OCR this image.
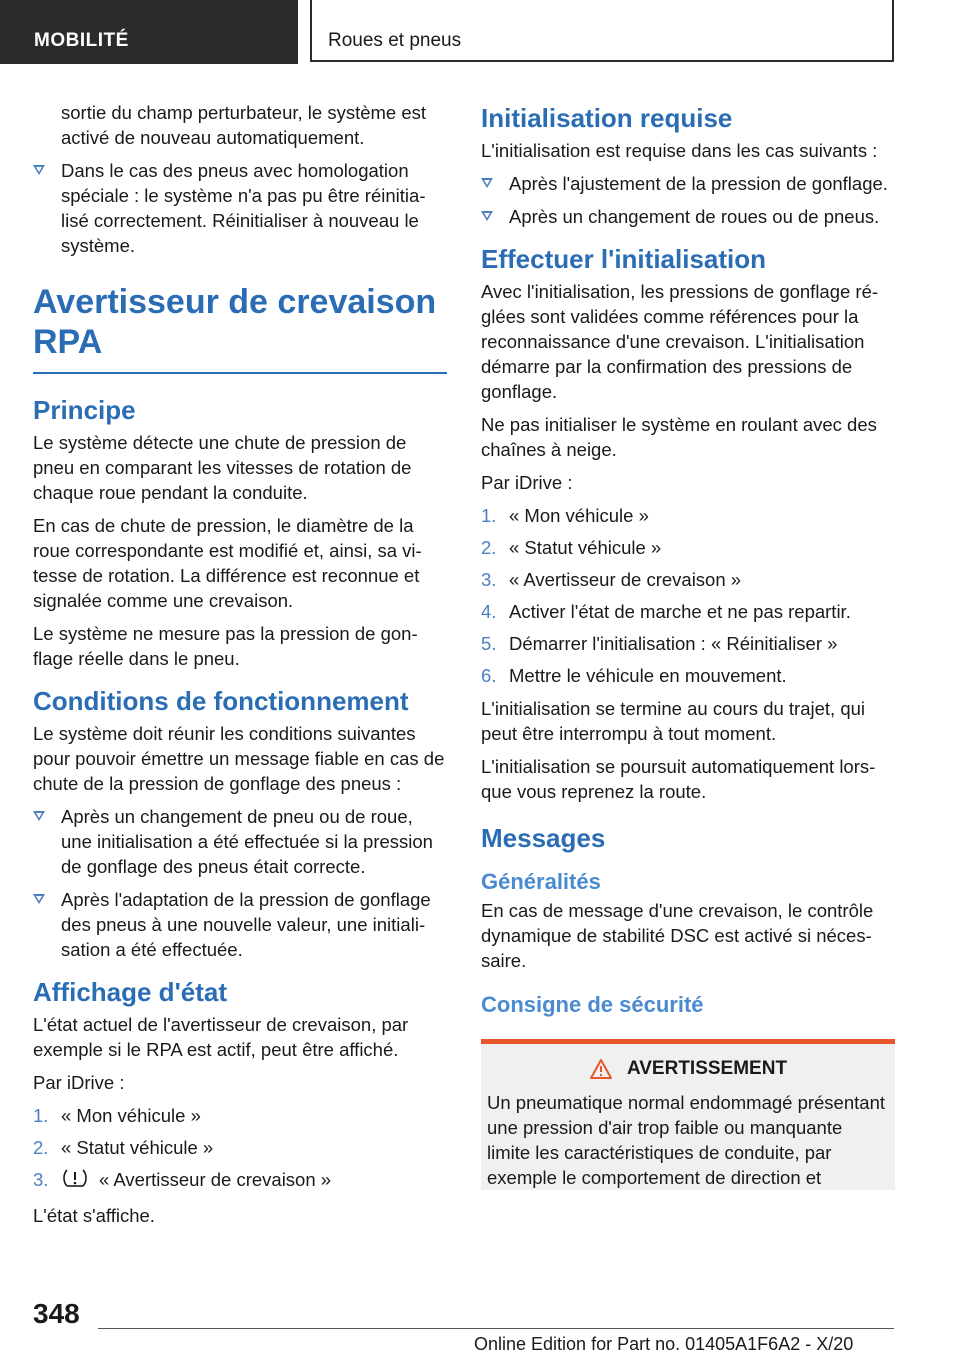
MOBILITÉ	Roues et pneus

sortie du champ perturbateur, le système est activé de nouveau automatiquement.

Dans le cas des pneus avec homologation spéciale : le système n'a pas pu être réinitialisé correctement. Réinitialiser à nouveau le système.
Avertisseur de crevaison RPA
Principe

Le système détecte une chute de pression de pneu en comparant les vitesses de rotation de chaque roue pendant la conduite.

En cas de chute de pression, le diamètre de la roue correspondante est modifié et, ainsi, sa vitesse de rotation. La différence est reconnue et signalée comme une crevaison.

Le système ne mesure pas la pression de gonflage réelle dans le pneu.

Conditions de fonctionnement

Le système doit réunir les conditions suivantes pour pouvoir émettre un message fiable en cas de chute de la pression de gonflage des pneus :

Après un changement de pneu ou de roue, une initialisation a été effectuée si la pression de gonflage des pneus était correcte.
Après l'adaptation de la pression de gonflage des pneus à une nouvelle valeur, une initialisation a été effectuée.
Affichage d'état

L'état actuel de l'avertisseur de crevaison, par exemple si le RPA est actif, peut être affiché.

Par iDrive :

1. « Mon véhicule »
2. « Statut véhicule »
3.	« Avertisseur de crevaison »

L'état s'affiche.

Initialisation requise

L'initialisation est requise dans les cas suivants :

Après l'ajustement de la pression de gonflage.
Après un changement de roues ou de pneus.
Effectuer l'initialisation

Avec l'initialisation, les pressions de gonflage réglées sont validées comme références pour la reconnaissance d'une crevaison. L'initialisation démarre par la confirmation des pressions de gonflage.

Ne pas initialiser le système en roulant avec des chaînes à neige.

Par iDrive :

1. « Mon véhicule »
2. « Statut véhicule »
3. « Avertisseur de crevaison »
4. Activer l'état de marche et ne pas repartir.
5. Démarrer l'initialisation : « Réinitialiser »
6. Mettre le véhicule en mouvement.

L'initialisation se termine au cours du trajet, qui peut être interrompu à tout moment.

L'initialisation se poursuit automatiquement lorsque vous reprenez la route.

Messages
Généralités

En cas de message d'une crevaison, le contrôle dynamique de stabilité DSC est activé si nécessaire.

Consigne de sécurité
AVERTISSEMENT

Un pneumatique normal endommagé présentant une pression d'air trop faible ou manquante limite les caractéristiques de conduite, par exemple le comportement de direction et

348
Online Edition for Part no. 01405A1F6A2 - X/20
